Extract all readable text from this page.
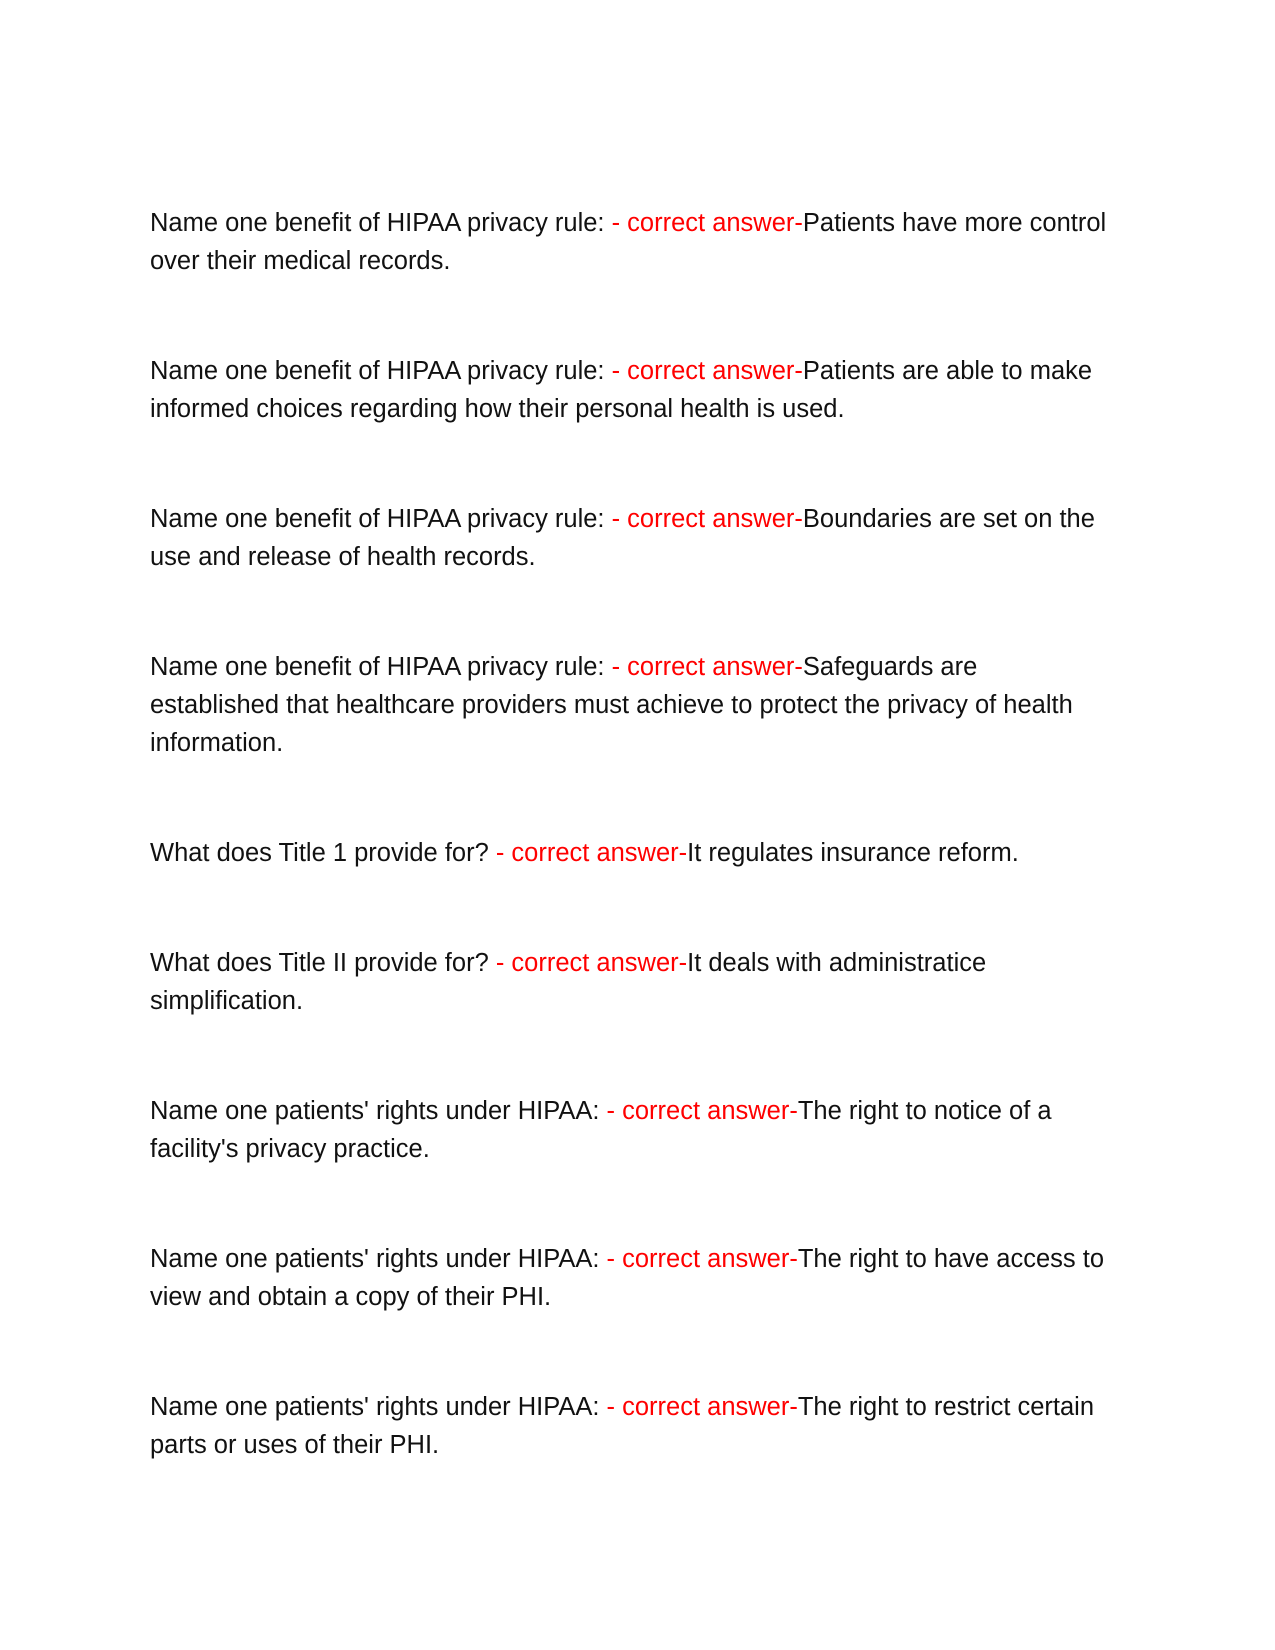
Name one benefit of HIPAA privacy rule: - correct answer-Patients have more control over their medical records.
Name one benefit of HIPAA privacy rule: - correct answer-Patients are able to make informed choices regarding how their personal health is used.
Name one benefit of HIPAA privacy rule: - correct answer-Boundaries are set on the use and release of health records.
Name one benefit of HIPAA privacy rule: - correct answer-Safeguards are established that healthcare providers must achieve to protect the privacy of health information.
What does Title 1 provide for? - correct answer-It regulates insurance reform.
What does Title II provide for? - correct answer-It deals with administratice simplification.
Name one patients' rights under HIPAA: - correct answer-The right to notice of a facility's privacy practice.
Name one patients' rights under HIPAA: - correct answer-The right to have access to view and obtain a copy of their PHI.
Name one patients' rights under HIPAA: - correct answer-The right to restrict certain parts or uses of their PHI.
